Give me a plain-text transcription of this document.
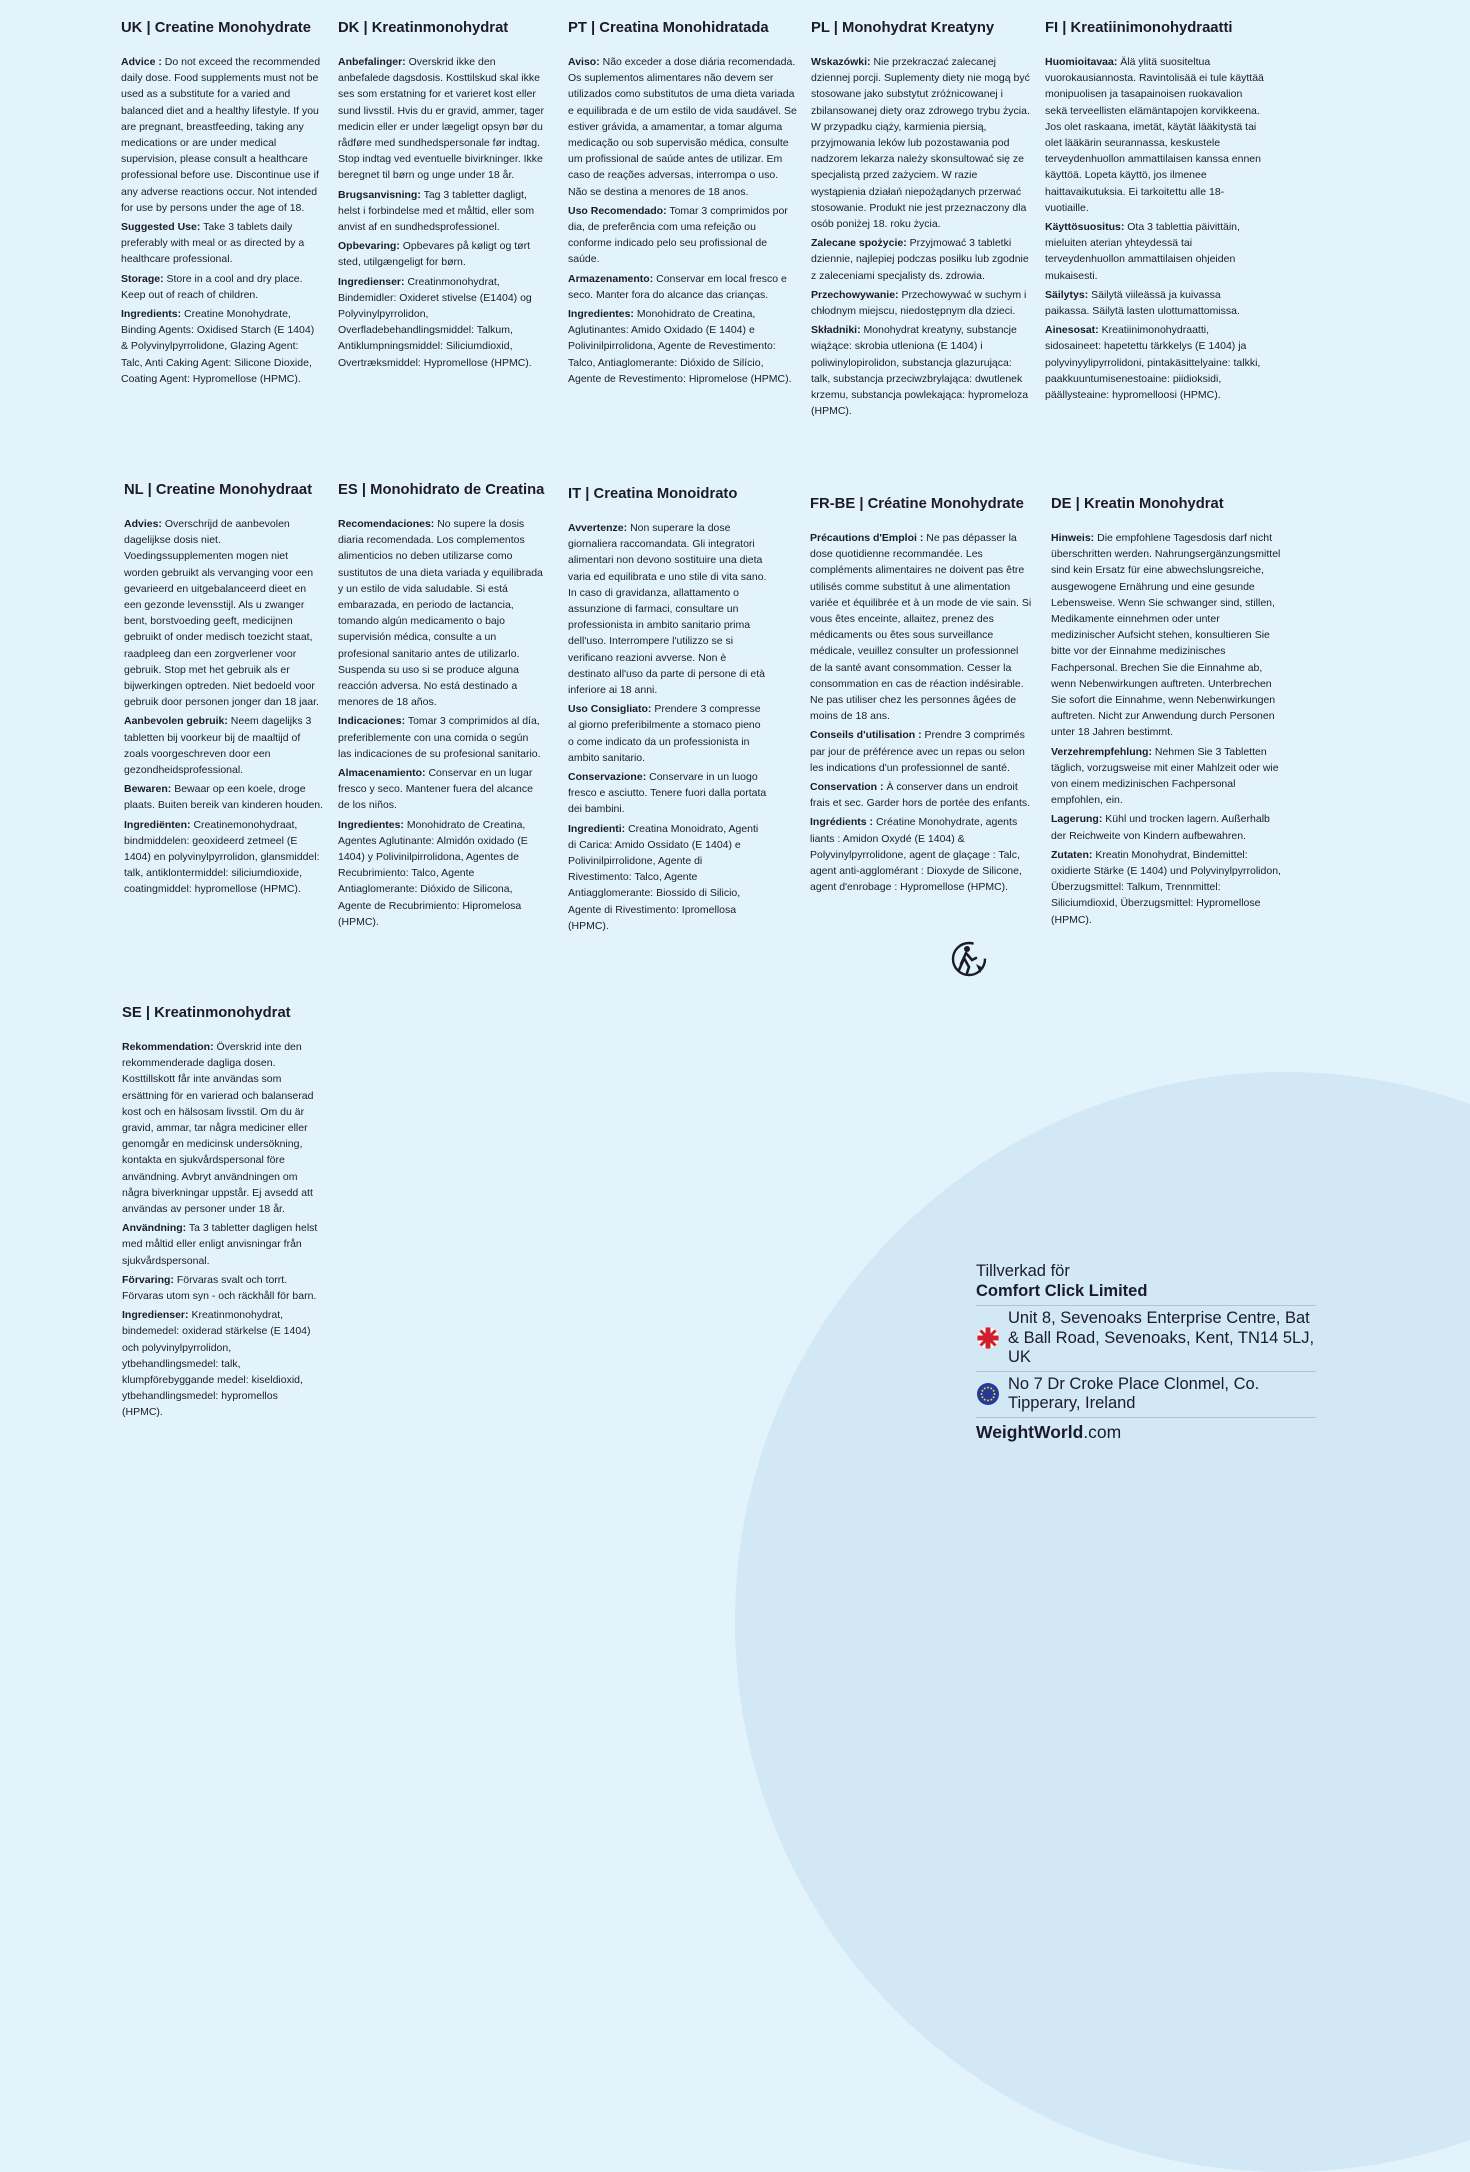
UK | Creatine Monohydrate

Advice : Do not exceed the recommended daily dose. Food supplements must not be used as a substitute for a varied and balanced diet and a healthy lifestyle. If you are pregnant, breastfeeding, taking any medications or are under medical supervision, please consult a healthcare professional before use. Discontinue use if any adverse reactions occur. Not intended for use by persons under the age of 18.

Suggested Use: Take 3 tablets daily preferably with meal or as directed by a healthcare professional.

Storage: Store in a cool and dry place. Keep out of reach of children.

Ingredients: Creatine Monohydrate, Binding Agents: Oxidised Starch (E 1404) & Polyvinylpyrrolidone, Glazing Agent: Talc, Anti Caking Agent: Silicone Dioxide, Coating Agent: Hypromellose (HPMC).

DK | Kreatinmonohydrat

Anbefalinger: Overskrid ikke den anbefalede dagsdosis. Kosttilskud skal ikke ses som erstatning for et varieret kost eller sund livsstil. Hvis du er gravid, ammer, tager medicin eller er under lægeligt opsyn bør du rådføre med sundhedspersonale før indtag. Stop indtag ved eventuelle bivirkninger. Ikke beregnet til børn og unge under 18 år.

Brugsanvisning: Tag 3 tabletter dagligt, helst i forbindelse med et måltid, eller som anvist af en sundhedsprofessionel.

Opbevaring: Opbevares på køligt og tørt sted, utilgængeligt for børn.

Ingredienser: Creatinmonohydrat, Bindemidler: Oxideret stivelse (E1404) og Polyvinylpyrrolidon, Overfladebehandlingsmiddel: Talkum, Antiklumpningsmiddel: Siliciumdioxid, Overtræksmiddel: Hypromellose (HPMC).

PT | Creatina Monohidratada

Aviso: Não exceder a dose diária recomendada. Os suplementos alimentares não devem ser utilizados como substitutos de uma dieta variada e equilibrada e de um estilo de vida saudável. Se estiver grávida, a amamentar, a tomar alguma medicação ou sob supervisão médica, consulte um profissional de saúde antes de utilizar. Em caso de reações adversas, interrompa o uso. Não se destina a menores de 18 anos.

Uso Recomendado: Tomar 3 comprimidos por dia, de preferência com uma refeição ou conforme indicado pelo seu profissional de saúde.

Armazenamento: Conservar em local fresco e seco. Manter fora do alcance das crianças.

Ingredientes: Monohidrato de Creatina, Aglutinantes: Amido Oxidado (E 1404) e Polivinilpirrolidona, Agente de Revestimento: Talco, Antiaglomerante: Dióxido de Silício, Agente de Revestimento: Hipromelose (HPMC).

PL | Monohydrat Kreatyny

Wskazówki: Nie przekraczać zalecanej dziennej porcji. Suplementy diety nie mogą być stosowane jako substytut zróżnicowanej i zbilansowanej diety oraz zdrowego trybu życia. W przypadku ciąży, karmienia piersią, przyjmowania leków lub pozostawania pod nadzorem lekarza należy skonsultować się ze specjalistą przed zażyciem. W razie wystąpienia działań niepożądanych przerwać stosowanie. Produkt nie jest przeznaczony dla osób poniżej 18. roku życia.

Zalecane spożycie: Przyjmować 3 tabletki dziennie, najlepiej podczas posiłku lub zgodnie z zaleceniami specjalisty ds. zdrowia.

Przechowywanie: Przechowywać w suchym i chłodnym miejscu, niedostępnym dla dzieci.

Składniki: Monohydrat kreatyny, substancje wiążące: skrobia utleniona (E 1404) i poliwinylopirolidon, substancja glazurująca: talk, substancja przeciwzbrylająca: dwutlenek krzemu, substancja powlekająca: hypromeloza (HPMC).

FI | Kreatiinimonohydraatti

Huomioitavaa: Älä ylitä suositeltua vuorokausiannosta. Ravintolisää ei tule käyttää monipuolisen ja tasapainoisen ruokavalion sekä terveellisten elämäntapojen korvikkeena. Jos olet raskaana, imetät, käytät lääkitystä tai olet lääkärin seurannassa, keskustele terveydenhuollon ammattilaisen kanssa ennen käyttöä. Lopeta käyttö, jos ilmenee haittavaikutuksia. Ei tarkoitettu alle 18-vuotiaille.

Käyttösuositus: Ota 3 tablettia päivittäin, mieluiten aterian yhteydessä tai terveydenhuollon ammattilaisen ohjeiden mukaisesti.

Säilytys: Säilytä viileässä ja kuivassa paikassa. Säilytä lasten ulottumattomissa.

Ainesosat: Kreatiinimonohydraatti, sidosaineet: hapetettu tärkkelys (E 1404) ja polyvinyylipyrrolidoni, pintakäsittelyaine: talkki, paakkuuntumisenestoaine: piidioksidi, päällysteaine: hypromelloosi (HPMC).

NL | Creatine Monohydraat

Advies: Overschrijd de aanbevolen dagelijkse dosis niet. Voedingssupplementen mogen niet worden gebruikt als vervanging voor een gevarieerd en uitgebalanceerd dieet en een gezonde levensstijl. Als u zwanger bent, borstvoeding geeft, medicijnen gebruikt of onder medisch toezicht staat, raadpleeg dan een zorgverlener voor gebruik. Stop met het gebruik als er bijwerkingen optreden. Niet bedoeld voor gebruik door personen jonger dan 18 jaar.

Aanbevolen gebruik: Neem dagelijks 3 tabletten bij voorkeur bij de maaltijd of zoals voorgeschreven door een gezondheidsprofessional.

Bewaren: Bewaar op een koele, droge plaats. Buiten bereik van kinderen houden.

Ingrediënten: Creatinemonohydraat, bindmiddelen: geoxideerd zetmeel (E 1404) en polyvinylpyrrolidon, glansmiddel: talk, antiklontermiddel: siliciumdioxide, coatingmiddel: hypromellose (HPMC).

ES | Monohidrato de Creatina

Recomendaciones: No supere la dosis diaria recomendada. Los complementos alimenticios no deben utilizarse como sustitutos de una dieta variada y equilibrada y un estilo de vida saludable. Si está embarazada, en periodo de lactancia, tomando algún medicamento o bajo supervisión médica, consulte a un profesional sanitario antes de utilizarlo. Suspenda su uso si se produce alguna reacción adversa. No está destinado a menores de 18 años.

Indicaciones: Tomar 3 comprimidos al día, preferiblemente con una comida o según las indicaciones de su profesional sanitario.

Almacenamiento: Conservar en un lugar fresco y seco. Mantener fuera del alcance de los niños.

Ingredientes: Monohidrato de Creatina, Agentes Aglutinante: Almidón oxidado (E 1404) y Polivinilpirrolidona, Agentes de Recubrimiento: Talco, Agente Antiaglomerante: Dióxido de Silicona, Agente de Recubrimiento: Hipromelosa (HPMC).

IT | Creatina Monoidrato

Avvertenze: Non superare la dose giornaliera raccomandata. Gli integratori alimentari non devono sostituire una dieta varia ed equilibrata e uno stile di vita sano. In caso di gravidanza, allattamento o assunzione di farmaci, consultare un professionista in ambito sanitario prima dell'uso. Interrompere l'utilizzo se si verificano reazioni avverse. Non è destinato all'uso da parte di persone di età inferiore ai 18 anni.

Uso Consigliato: Prendere 3 compresse al giorno preferibilmente a stomaco pieno o come indicato da un professionista in ambito sanitario.

Conservazione: Conservare in un luogo fresco e asciutto. Tenere fuori dalla portata dei bambini.

Ingredienti: Creatina Monoidrato, Agenti di Carica: Amido Ossidato (E 1404) e Polivinilpirrolidone, Agente di Rivestimento: Talco, Agente Antiagglomerante: Biossido di Silicio, Agente di Rivestimento: Ipromellosa (HPMC).

FR-BE | Créatine Monohydrate

Précautions d'Emploi : Ne pas dépasser la dose quotidienne recommandée. Les compléments alimentaires ne doivent pas être utilisés comme substitut à une alimentation variée et équilibrée et à un mode de vie sain. Si vous êtes enceinte, allaitez, prenez des médicaments ou êtes sous surveillance médicale, veuillez consulter un professionnel de la santé avant consommation. Cesser la consommation en cas de réaction indésirable. Ne pas utiliser chez les personnes âgées de moins de 18 ans.

Conseils d'utilisation : Prendre 3 comprimés par jour de préférence avec un repas ou selon les indications d'un professionnel de santé.

Conservation : À conserver dans un endroit frais et sec. Garder hors de portée des enfants.

Ingrédients : Créatine Monohydrate, agents liants : Amidon Oxydé (E 1404) & Polyvinylpyrrolidone, agent de glaçage : Talc, agent anti-agglomérant : Dioxyde de Silicone, agent d'enrobage : Hypromellose (HPMC).

DE | Kreatin Monohydrat

Hinweis: Die empfohlene Tagesdosis darf nicht überschritten werden. Nahrungsergänzungsmittel sind kein Ersatz für eine abwechslungsreiche, ausgewogene Ernährung und eine gesunde Lebensweise. Wenn Sie schwanger sind, stillen, Medikamente einnehmen oder unter medizinischer Aufsicht stehen, konsultieren Sie bitte vor der Einnahme medizinisches Fachpersonal. Brechen Sie die Einnahme ab, wenn Nebenwirkungen auftreten. Unterbrechen Sie sofort die Einnahme, wenn Nebenwirkungen auftreten. Nicht zur Anwendung durch Personen unter 18 Jahren bestimmt.

Verzehrempfehlung: Nehmen Sie 3 Tabletten täglich, vorzugsweise mit einer Mahlzeit oder wie von einem medizinischen Fachpersonal empfohlen, ein.

Lagerung: Kühl und trocken lagern. Außerhalb der Reichweite von Kindern aufbewahren.

Zutaten: Kreatin Monohydrat, Bindemittel: oxidierte Stärke (E 1404) und Polyvinylpyrrolidon, Überzugsmittel: Talkum, Trennmittel: Siliciumdioxid, Überzugsmittel: Hypromellose (HPMC).

SE | Kreatinmonohydrat

Rekommendation: Överskrid inte den rekommenderade dagliga dosen. Kosttillskott får inte användas som ersättning för en varierad och balanserad kost och en hälsosam livsstil. Om du är gravid, ammar, tar några mediciner eller genomgår en medicinsk undersökning, kontakta en sjukvårdspersonal före användning. Avbryt användningen om några biverkningar uppstår. Ej avsedd att användas av personer under 18 år.

Användning: Ta 3 tabletter dagligen helst med måltid eller enligt anvisningar från sjukvårdspersonal.

Förvaring: Förvaras svalt och torrt. Förvaras utom syn - och räckhåll för barn.

Ingredienser: Kreatinmonohydrat, bindemedel: oxiderad stärkelse (E 1404) och polyvinylpyrrolidon, ytbehandlingsmedel: talk, klumpförebyggande medel: kiseldioxid, ytbehandlingsmedel: hypromellos (HPMC).

Tillverkad för
Comfort Click Limited
Unit 8, Sevenoaks Enterprise Centre, Bat & Ball Road, Sevenoaks, Kent, TN14 5LJ, UK
No 7 Dr Croke Place Clonmel, Co. Tipperary, Ireland
WeightWorld.com
